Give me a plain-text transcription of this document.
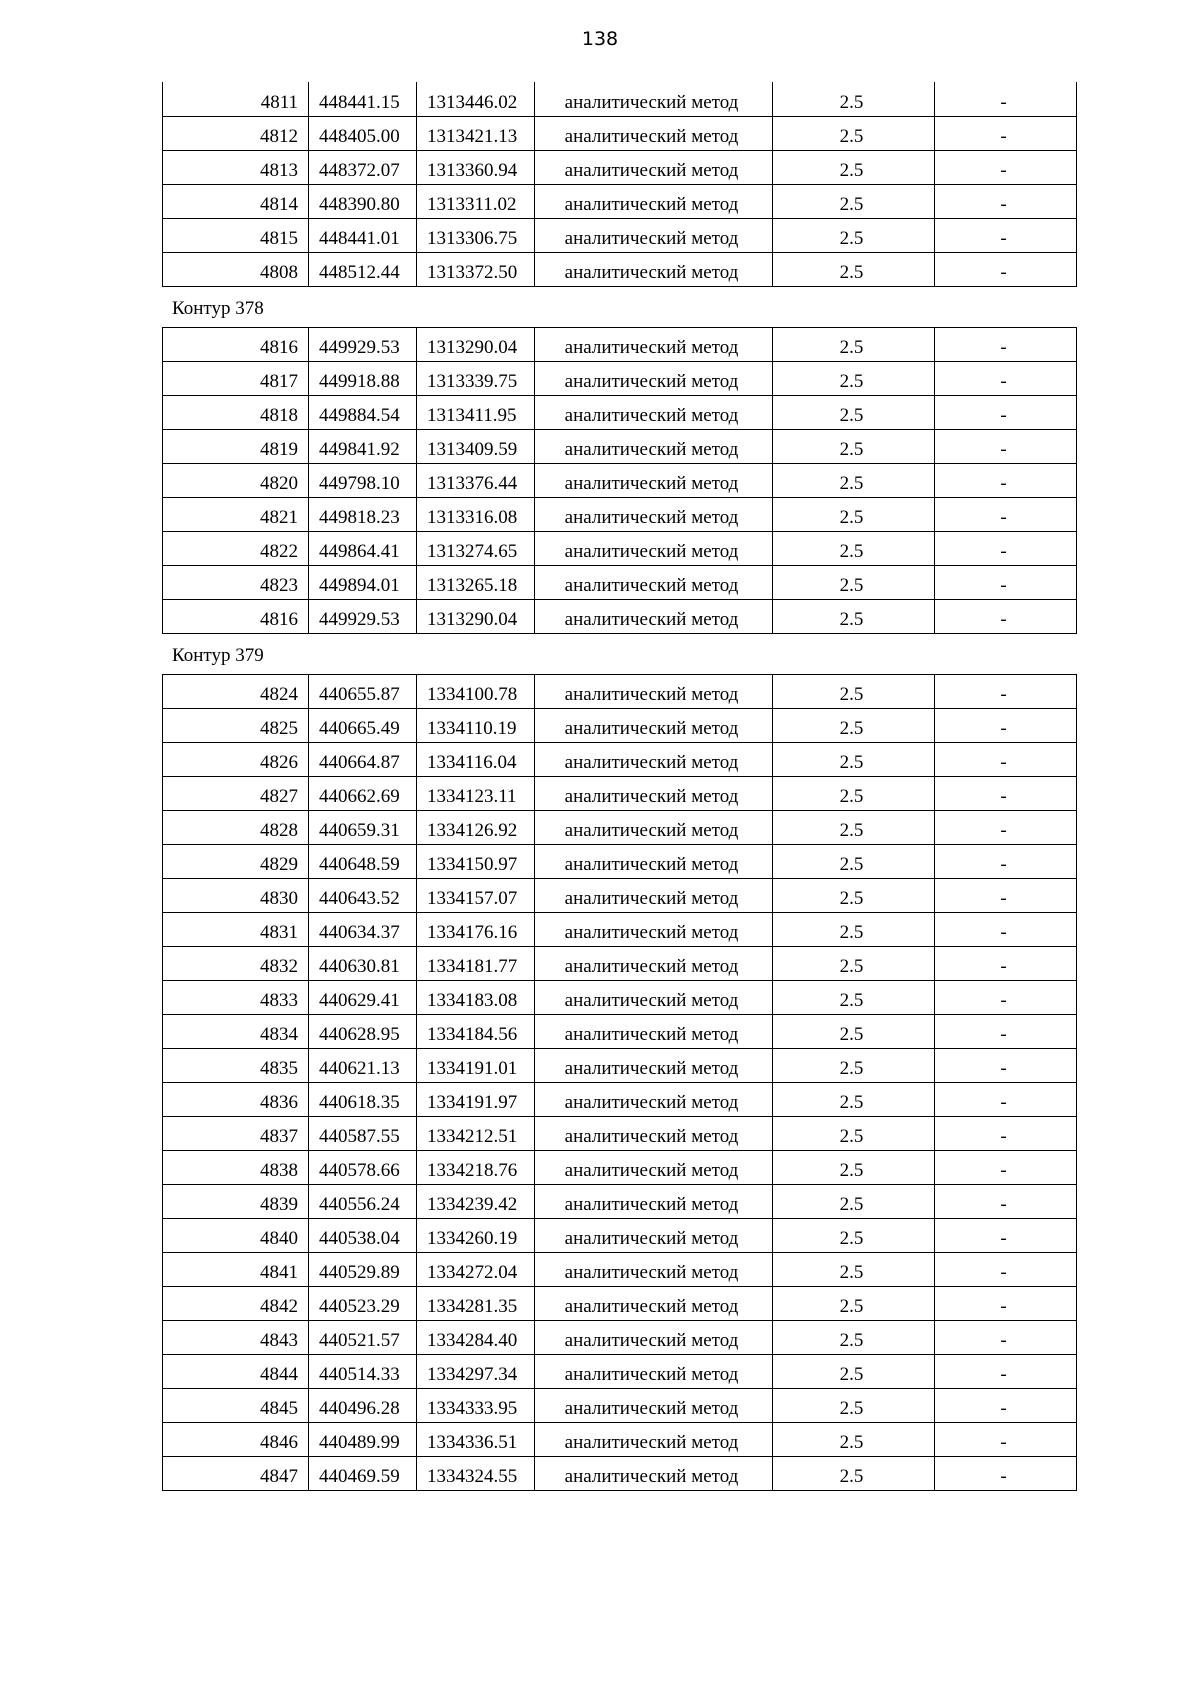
138
4811	448441.15	1313446.02	аналитический метод	2.5	-
4812	448405.00	1313421.13	аналитический метод	2.5	-
4813	448372.07	1313360.94	аналитический метод	2.5	-
4814	448390.80	1313311.02	аналитический метод	2.5	-
4815	448441.01	1313306.75	аналитический метод	2.5	-
4808	448512.44	1313372.50	аналитический метод	2.5	-
Контур 378
4816	449929.53	1313290.04	аналитический метод	2.5	-
4817	449918.88	1313339.75	аналитический метод	2.5	-
4818	449884.54	1313411.95	аналитический метод	2.5	-
4819	449841.92	1313409.59	аналитический метод	2.5	-
4820	449798.10	1313376.44	аналитический метод	2.5	-
4821	449818.23	1313316.08	аналитический метод	2.5	-
4822	449864.41	1313274.65	аналитический метод	2.5	-
4823	449894.01	1313265.18	аналитический метод	2.5	-
4816	449929.53	1313290.04	аналитический метод	2.5	-
Контур 379
4824	440655.87	1334100.78	аналитический метод	2.5	-
4825	440665.49	1334110.19	аналитический метод	2.5	-
4826	440664.87	1334116.04	аналитический метод	2.5	-
4827	440662.69	1334123.11	аналитический метод	2.5	-
4828	440659.31	1334126.92	аналитический метод	2.5	-
4829	440648.59	1334150.97	аналитический метод	2.5	-
4830	440643.52	1334157.07	аналитический метод	2.5	-
4831	440634.37	1334176.16	аналитический метод	2.5	-
4832	440630.81	1334181.77	аналитический метод	2.5	-
4833	440629.41	1334183.08	аналитический метод	2.5	-
4834	440628.95	1334184.56	аналитический метод	2.5	-
4835	440621.13	1334191.01	аналитический метод	2.5	-
4836	440618.35	1334191.97	аналитический метод	2.5	-
4837	440587.55	1334212.51	аналитический метод	2.5	-
4838	440578.66	1334218.76	аналитический метод	2.5	-
4839	440556.24	1334239.42	аналитический метод	2.5	-
4840	440538.04	1334260.19	аналитический метод	2.5	-
4841	440529.89	1334272.04	аналитический метод	2.5	-
4842	440523.29	1334281.35	аналитический метод	2.5	-
4843	440521.57	1334284.40	аналитический метод	2.5	-
4844	440514.33	1334297.34	аналитический метод	2.5	-
4845	440496.28	1334333.95	аналитический метод	2.5	-
4846	440489.99	1334336.51	аналитический метод	2.5	-
4847	440469.59	1334324.55	аналитический метод	2.5	-
